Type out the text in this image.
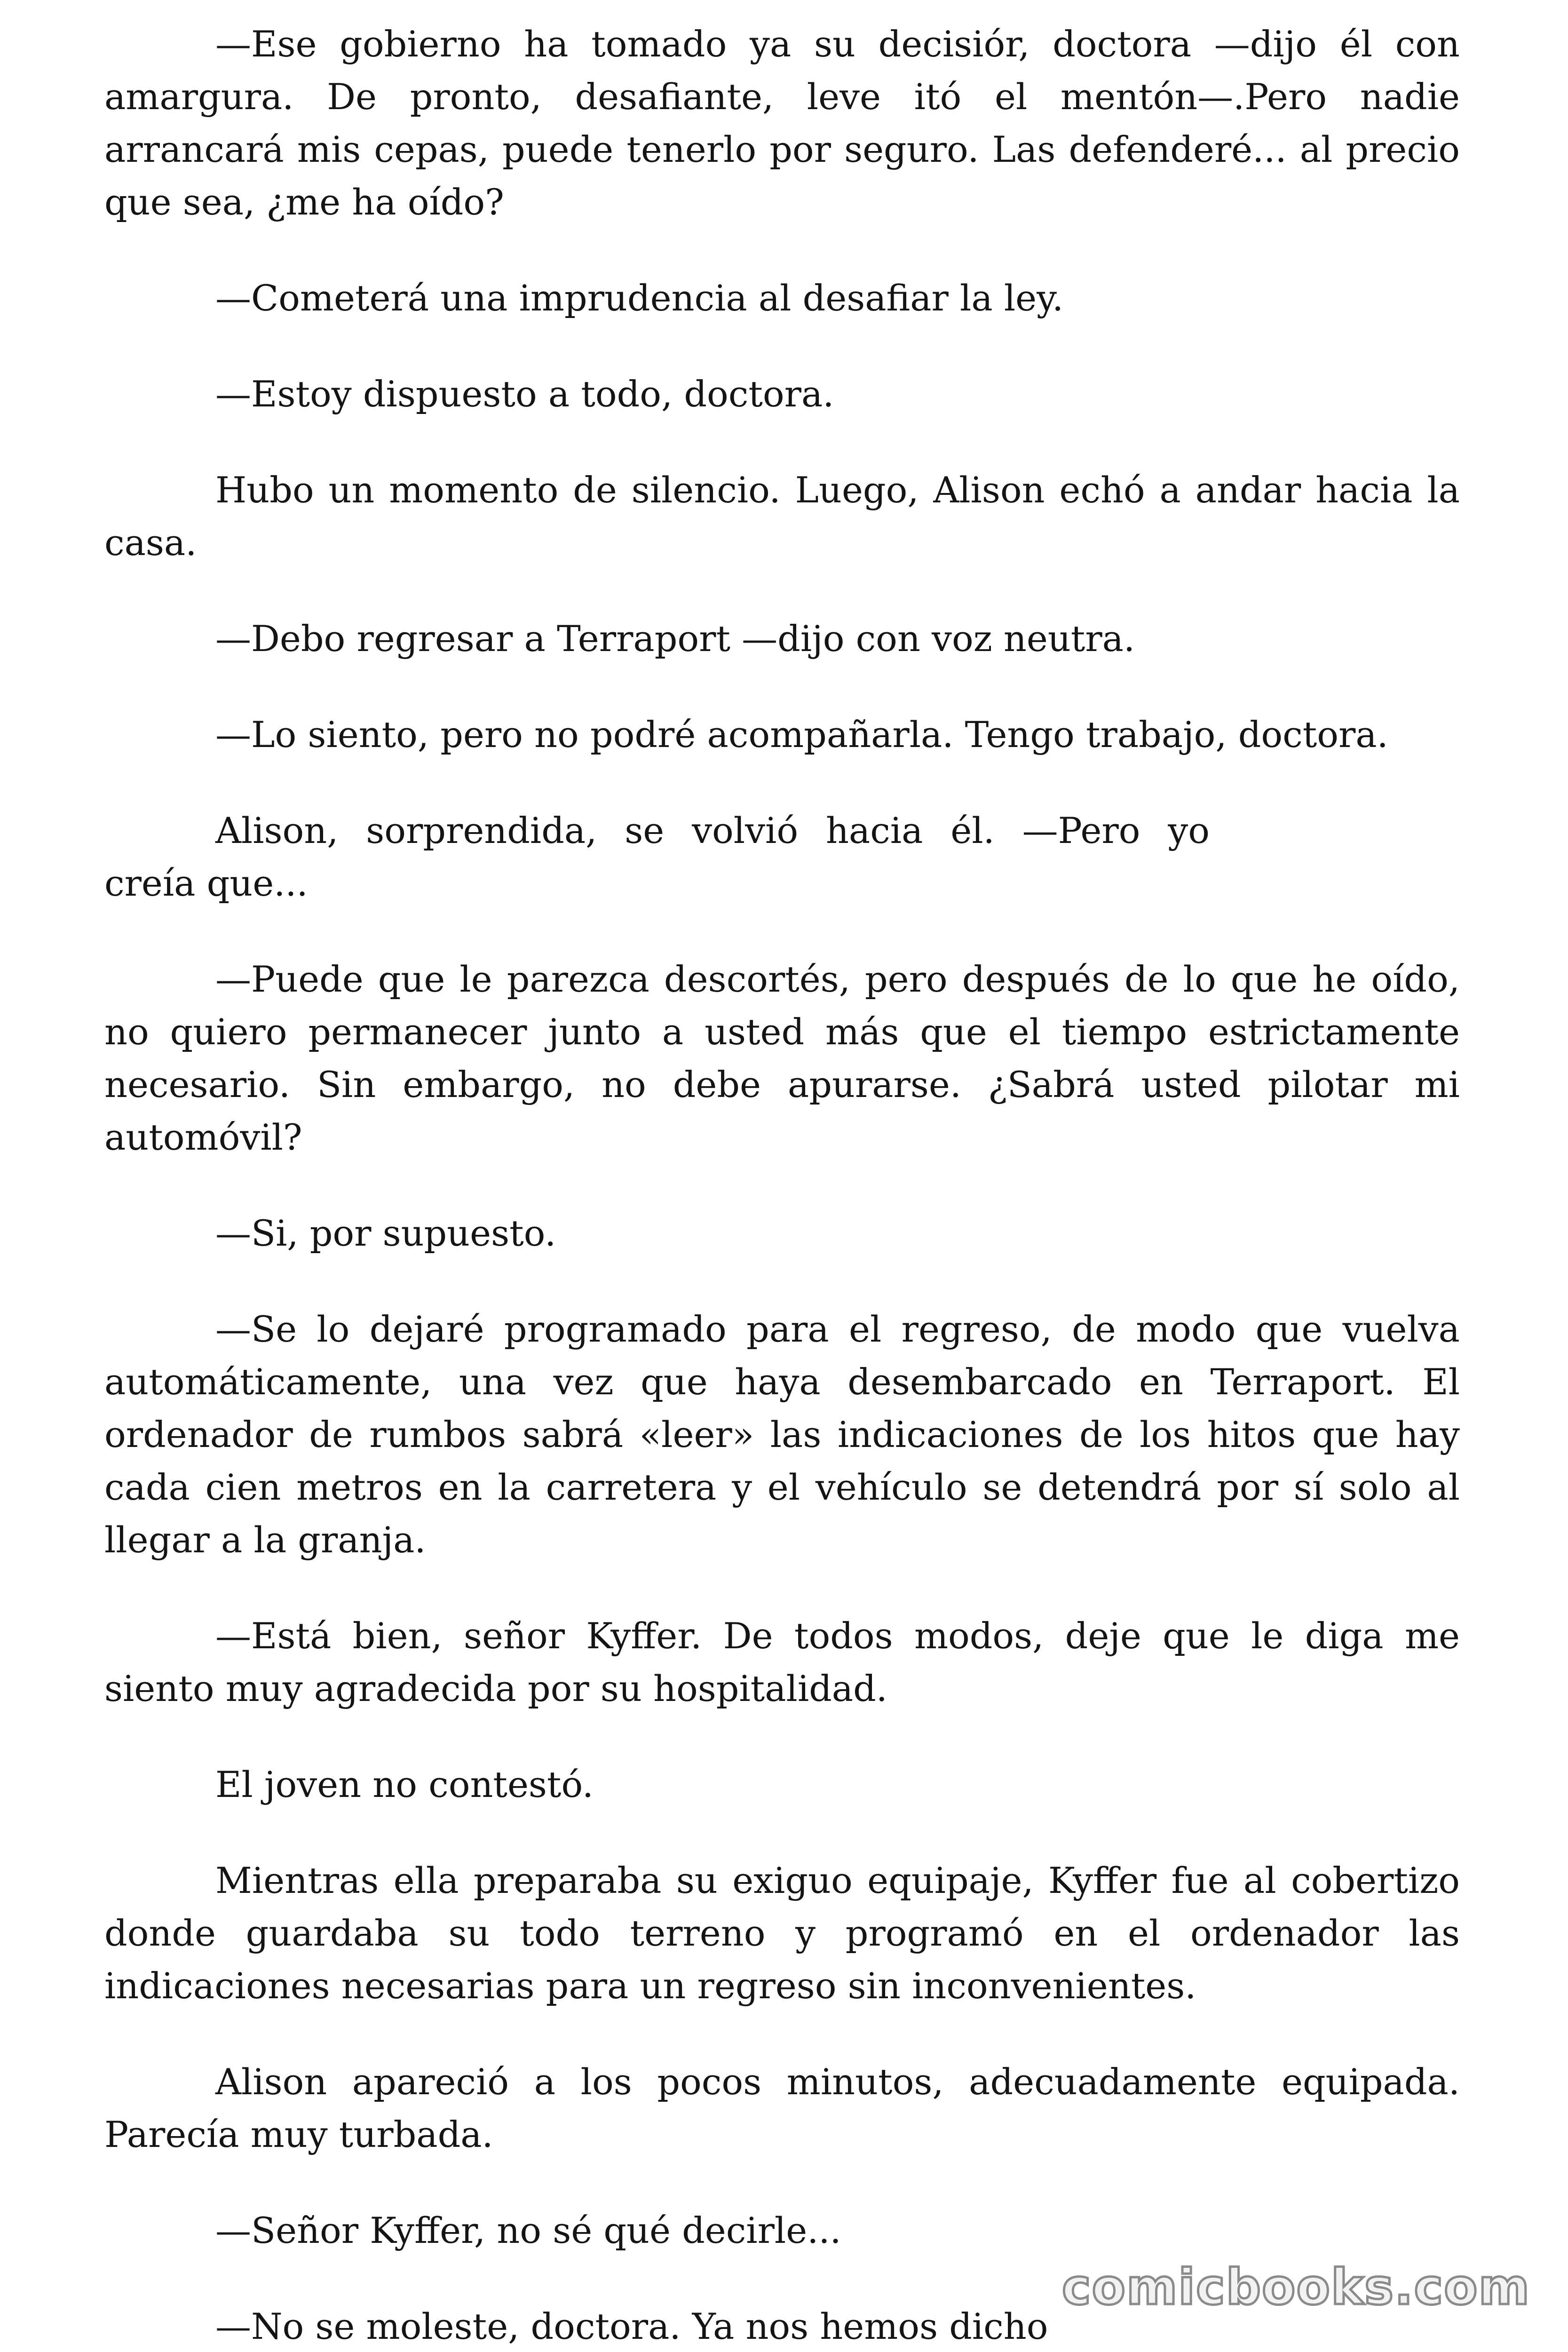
—Ese gobierno ha tomado ya su decisiór, doctora —dijo él con amargura. De pronto, desafiante, leve itó el mentón—.Pero nadie arrancará mis cepas, puede tenerlo por seguro. Las defenderé... al precio que sea, ¿me ha oído?

—Cometerá una imprudencia al desafiar la ley.

—Estoy dispuesto a todo, doctora.

Hubo un momento de silencio. Luego, Alison echó a andar hacia la casa.

—Debo regresar a Terraport —dijo con voz neutra.

—Lo siento, pero no podré acompañarla. Tengo trabajo, doctora.

Alison, sorprendida, se volvió hacia él. —Pero yo
creía que...

—Puede que le parezca descortés, pero después de lo que he oído, no quiero permanecer junto a usted más que el tiempo estrictamente necesario. Sin embargo, no debe apurarse. ¿Sabrá usted pilotar mi automóvil?

—Si, por supuesto.

—Se lo dejaré programado para el regreso, de modo que vuelva automáticamente, una vez que haya desembarcado en Terraport. El ordenador de rumbos sabrá «leer» las indicaciones de los hitos que hay cada cien metros en la carretera y el vehículo se detendrá por sí solo al llegar a la granja.

—Está bien, señor Kyffer. De todos modos, deje que le diga me siento muy agradecida por su hospitalidad.

El joven no contestó.

Mientras ella preparaba su exiguo equipaje, Kyffer fue al cobertizo donde guardaba su todo terreno y programó en el ordenador las indicaciones necesarias para un regreso sin inconvenientes.

Alison apareció a los pocos minutos, adecuadamente equipada. Parecía muy turbada.

—Señor Kyffer, no sé qué decirle...

—No se moleste, doctora. Ya nos hemos dicho

comicbooks.com
